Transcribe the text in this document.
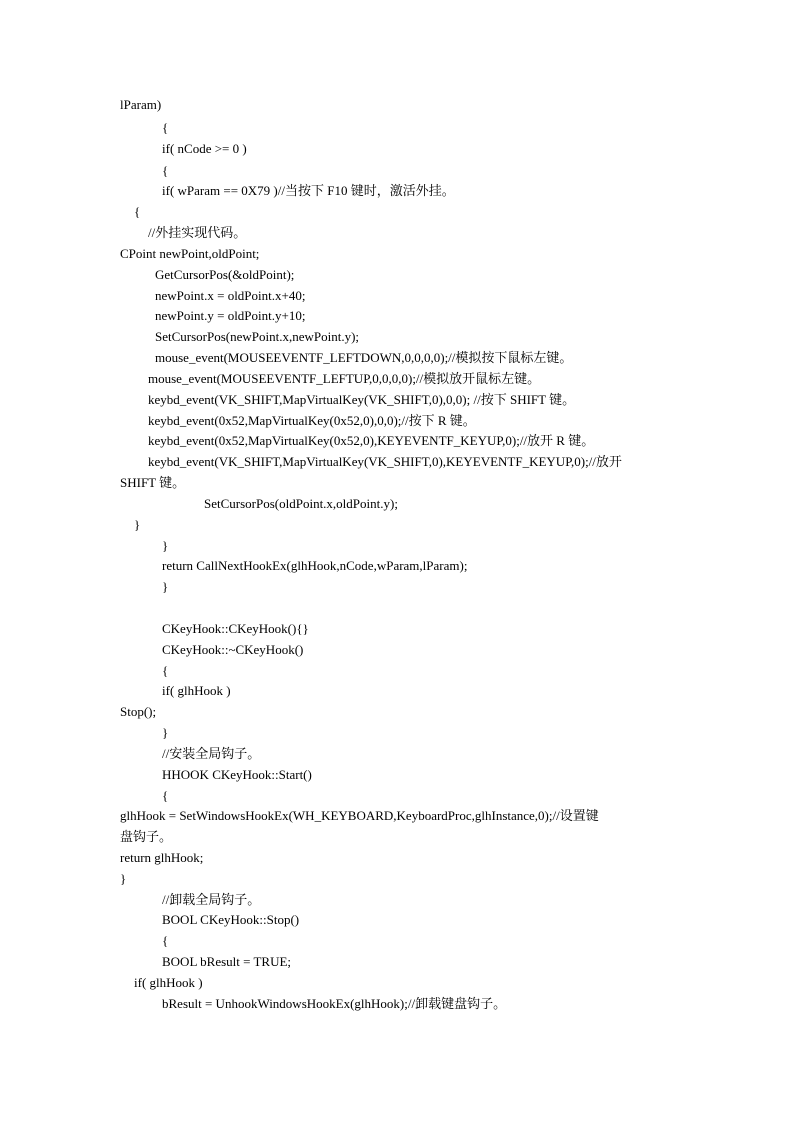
lParam)
{
if( nCode >= 0 )
{
if( wParam == 0X79 )//当按下 F10 键时，激活外挂。
{
//外挂实现代码。
CPoint newPoint,oldPoint;
GetCursorPos(&oldPoint);
newPoint.x = oldPoint.x+40;
newPoint.y = oldPoint.y+10;
SetCursorPos(newPoint.x,newPoint.y);
mouse_event(MOUSEEVENTF_LEFTDOWN,0,0,0,0);//模拟按下鼠标左键。
mouse_event(MOUSEEVENTF_LEFTUP,0,0,0,0);//模拟放开鼠标左键。
keybd_event(VK_SHIFT,MapVirtualKey(VK_SHIFT,0),0,0); //按下 SHIFT 键。
keybd_event(0x52,MapVirtualKey(0x52,0),0,0);//按下 R 键。
keybd_event(0x52,MapVirtualKey(0x52,0),KEYEVENTF_KEYUP,0);//放开 R 键。
keybd_event(VK_SHIFT,MapVirtualKey(VK_SHIFT,0),KEYEVENTF_KEYUP,0);//放开
SHIFT 键。
SetCursorPos(oldPoint.x,oldPoint.y);
}
}
return CallNextHookEx(glhHook,nCode,wParam,lParam);
}
CKeyHook::CKeyHook(){}
CKeyHook::~CKeyHook()
{
if( glhHook )
Stop();
}
//安装全局钩子。
HHOOK CKeyHook::Start()
{
glhHook = SetWindowsHookEx(WH_KEYBOARD,KeyboardProc,glhInstance,0);//设置键
盘钩子。
return glhHook;
}
//卸载全局钩子。
BOOL CKeyHook::Stop()
{
BOOL bResult = TRUE;
if( glhHook )
bResult = UnhookWindowsHookEx(glhHook);//卸载键盘钩子。
